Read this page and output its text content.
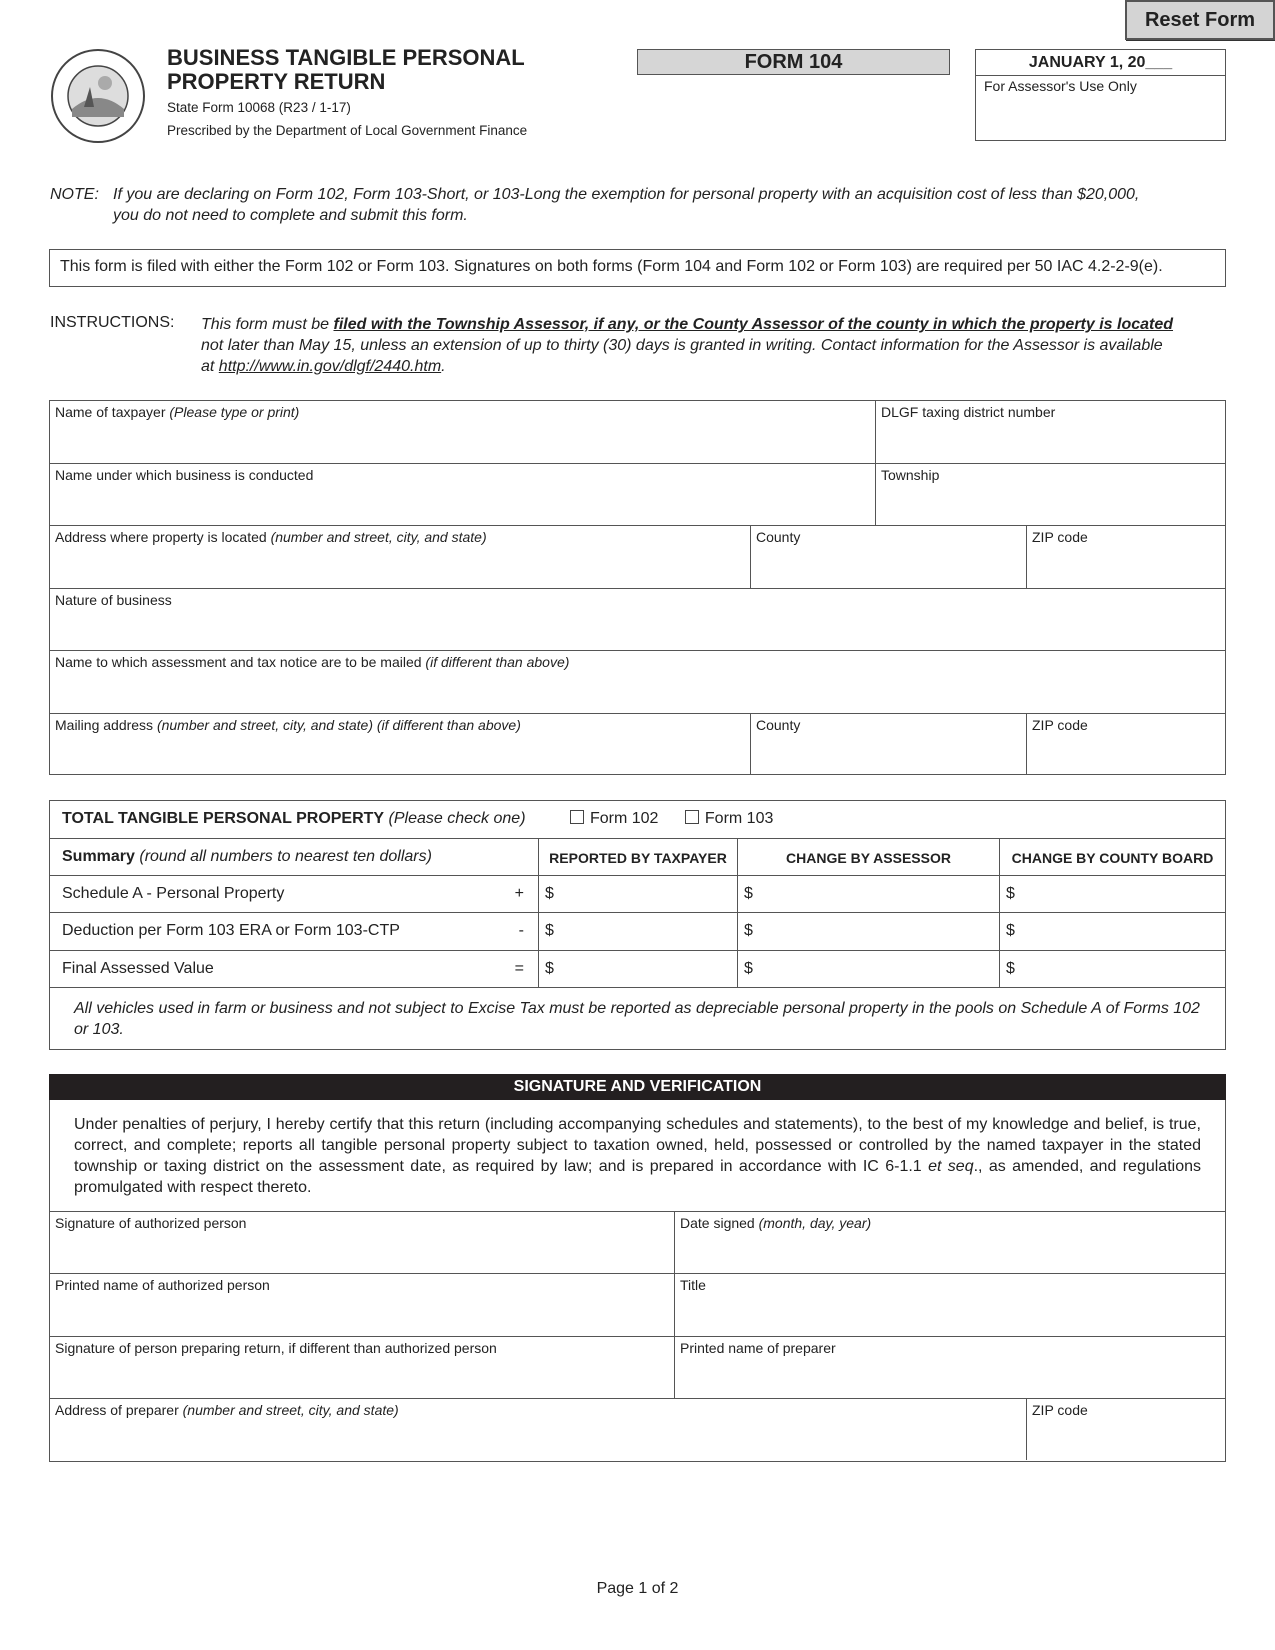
Reset Form
BUSINESS TANGIBLE PERSONAL
PROPERTY RETURN
State Form 10068 (R23 / 1-17)
Prescribed by the Department of Local Government Finance
FORM 104	JANUARY 1, 20___
For Assessor's Use Only
NOTE: If you are declaring on Form 102, Form 103-Short, or 103-Long the exemption for personal property with an acquisition cost of less than $20,000,
you do not need to complete and submit this form.
This form is filed with either the Form 102 or Form 103. Signatures on both forms (Form 104 and Form 102 or Form 103) are required per 50 IAC 4.2-2-9(e).
INSTRUCTIONS: This form must be filed with the Township Assessor, if any, or the County Assessor of the county in which the property is located
not later than May 15, unless an extension of up to thirty (30) days is granted in writing. Contact information for the Assessor is available
at http://www.in.gov/dlgf/2440.htm.
Name of taxpayer (Please type or print)	DLGF taxing district number
Name under which business is conducted	Township
Address where property is located (number and street, city, and state)	County	ZIP code
Nature of business
Name to which assessment and tax notice are to be mailed (if different than above)
Mailing address (number and street, city, and state) (if different than above)	County	ZIP code
TOTAL TANGIBLE PERSONAL PROPERTY (Please check one)	Form 102	Form 103
Summary (round all numbers to nearest ten dollars)	REPORTED BY TAXPAYER	CHANGE BY ASSESSOR	CHANGE BY COUNTY BOARD
Schedule A - Personal Property	+	$	$	$
Deduction per Form 103 ERA or Form 103-CTP	-	$	$	$
Final Assessed Value	=	$	$	$
All vehicles used in farm or business and not subject to Excise Tax must be reported as depreciable personal property in the pools on Schedule A of Forms 102 or 103.
SIGNATURE AND VERIFICATION
Under penalties of perjury, I hereby certify that this return (including accompanying schedules and statements), to the best of my knowledge and belief, is true, correct, and complete; reports all tangible personal property subject to taxation owned, held, possessed or controlled by the named taxpayer in the stated township or taxing district on the assessment date, as required by law; and is prepared in accordance with IC 6-1.1 et seq., as amended, and regulations promulgated with respect thereto.
Signature of authorized person	Date signed (month, day, year)
Printed name of authorized person	Title
Signature of person preparing return, if different than authorized person	Printed name of preparer
Address of preparer (number and street, city, and state)	ZIP code
Page 1 of 2
